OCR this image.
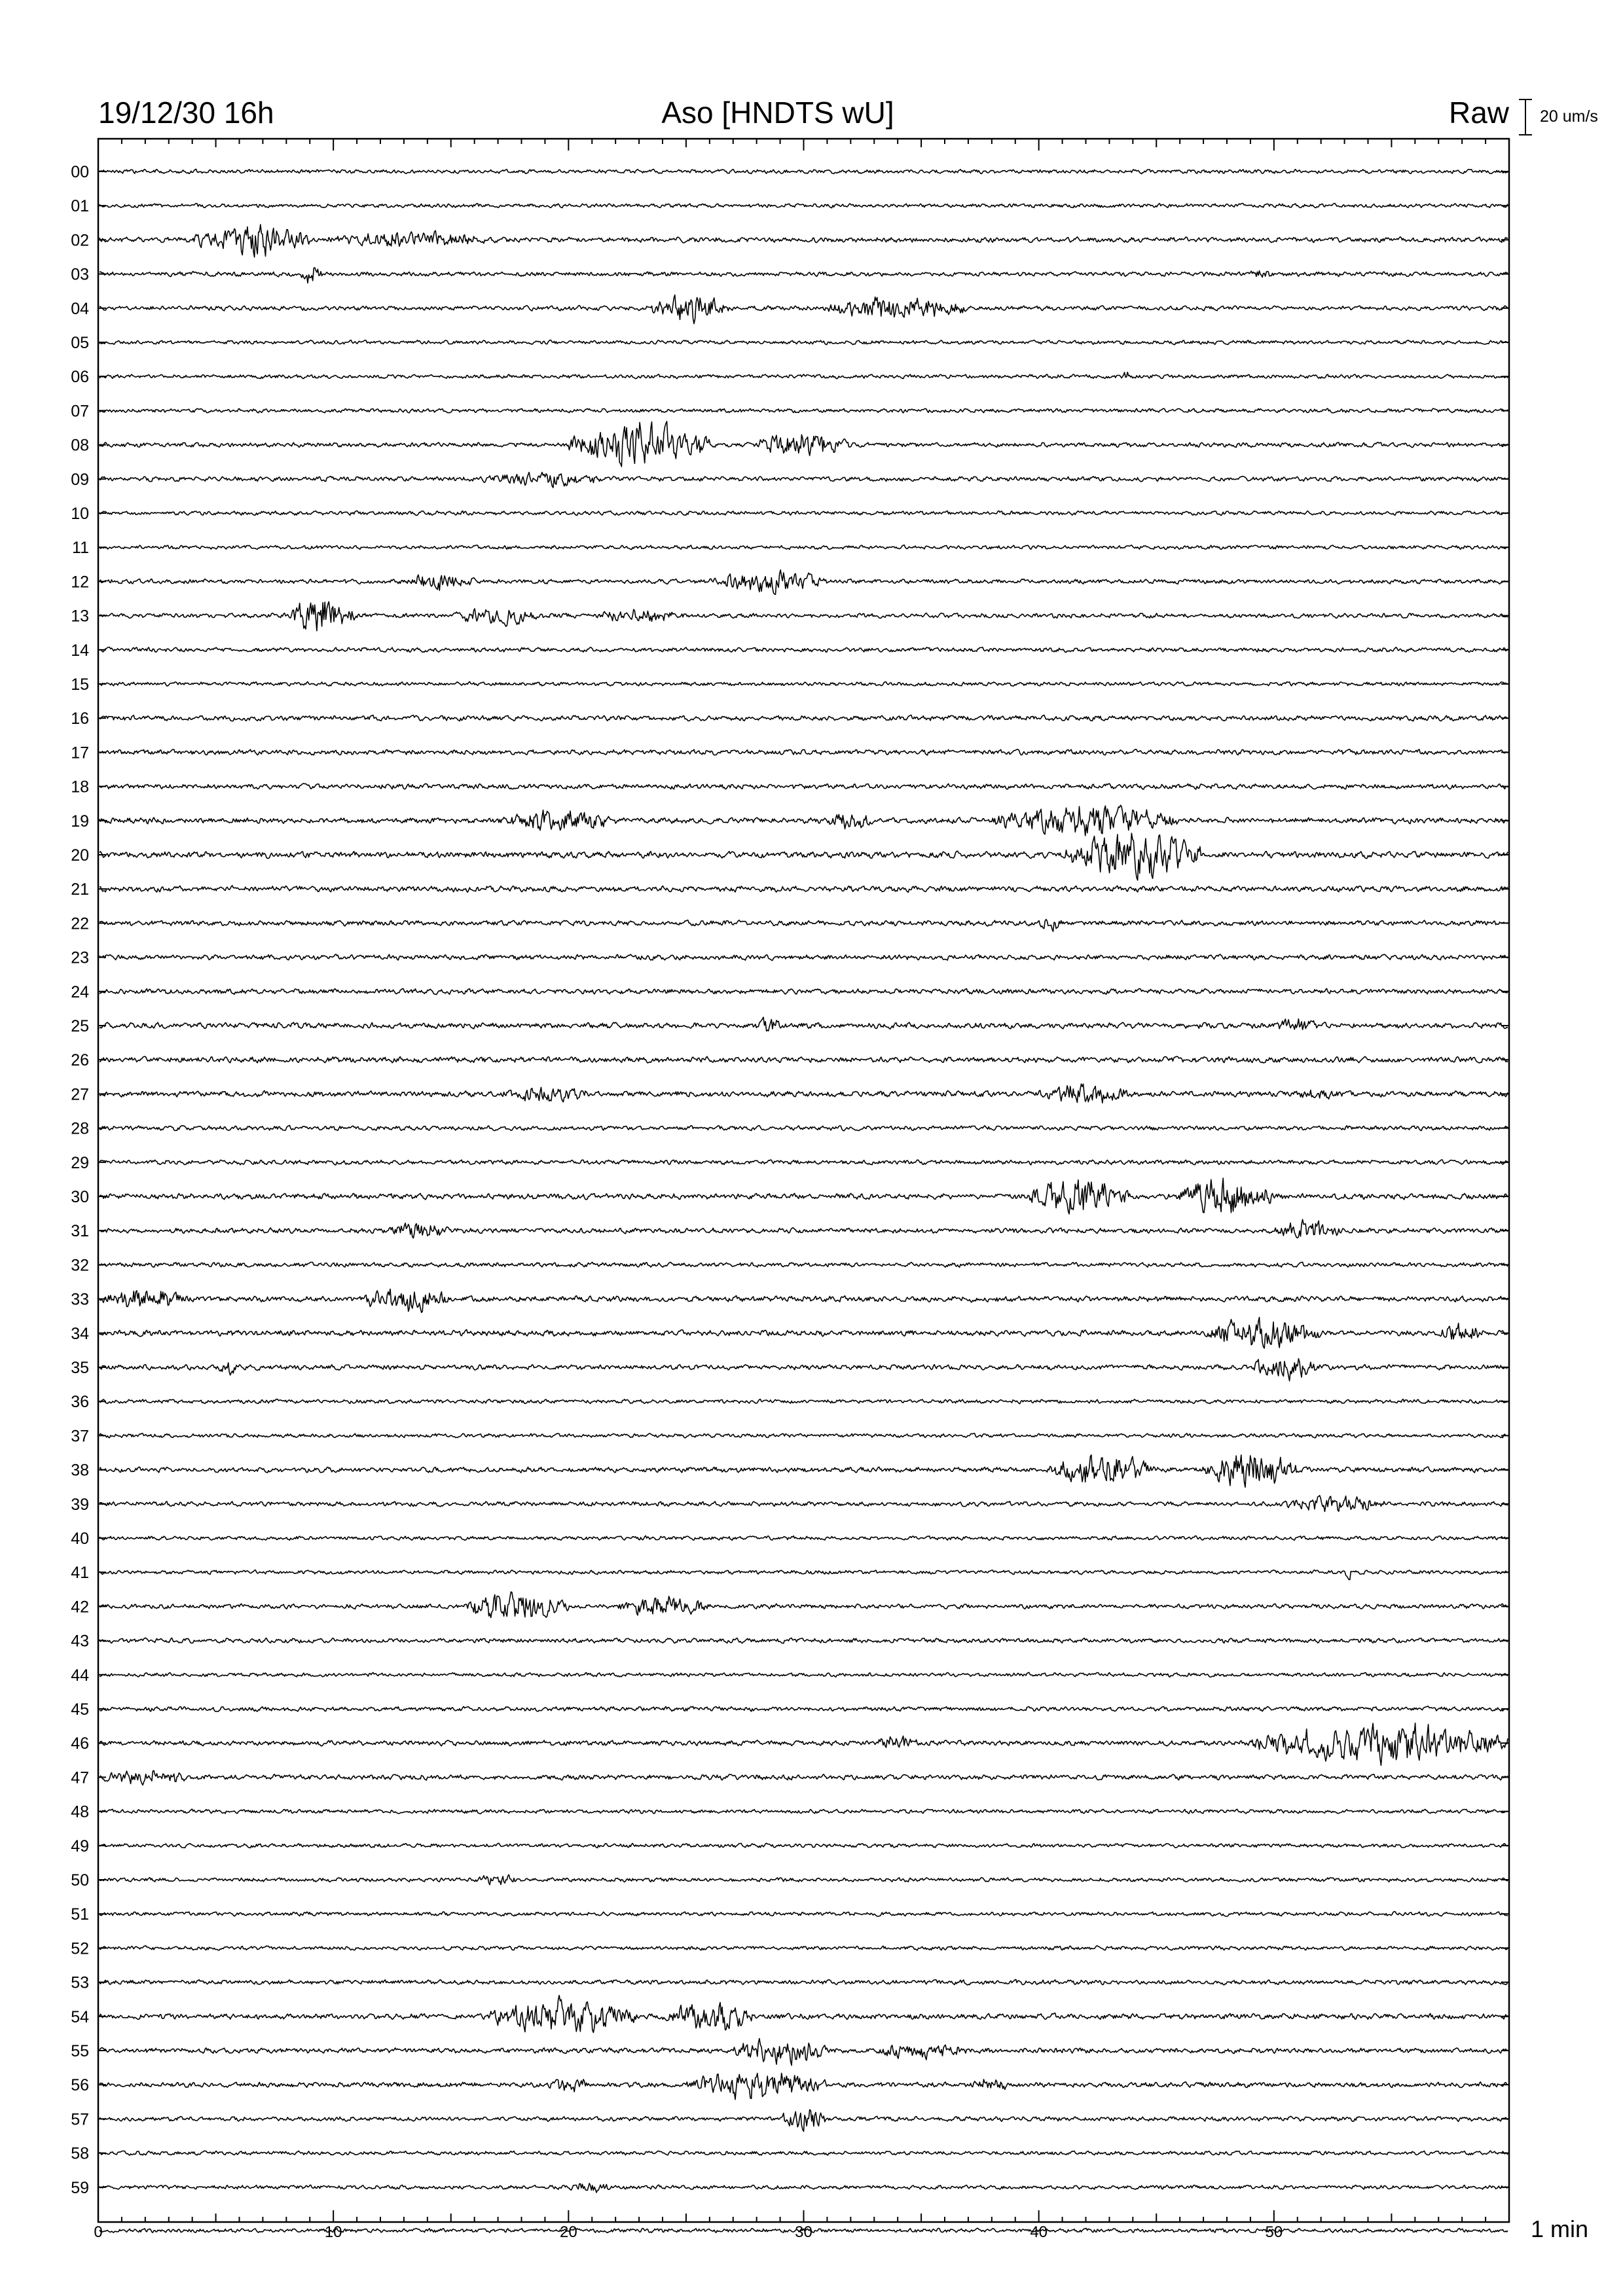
19/12/30 16h	Aso [HNDTS wU]	Raw 20 um/s
00
01
02
03
04
05
06
07
08
09
10
11
12
13
14
15
16
17
18
19
20
21
22
23
24
25
26
27
28
29
30
31
32
33
34
35
36
37
38
39
40
41
42
43
44
45
46
47
48
49
50
51
52
53
54
55
56
57
58
59
0	10	20	30	40	50	1 min
